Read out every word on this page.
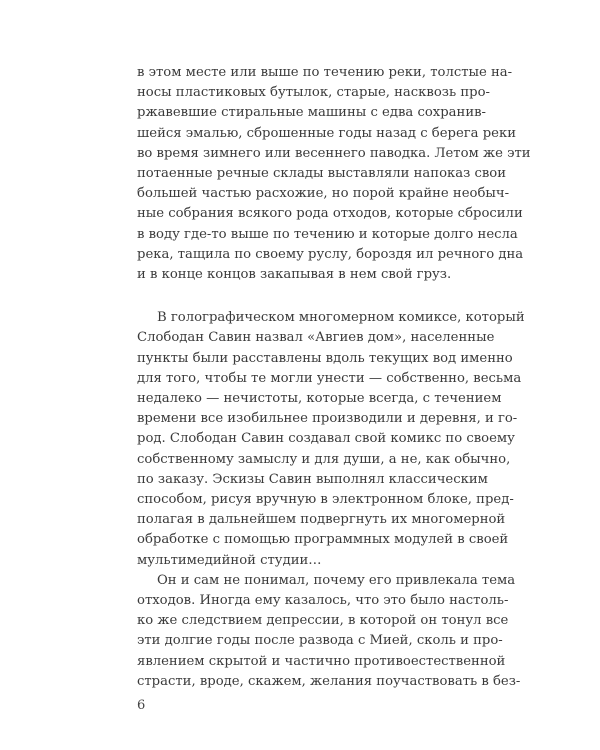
в этом месте или выше по течению реки, толстые на-
носы пластиковых бутылок, старые, насквозь про-
ржавевшие стиральные машины с едва сохранив-
шейся эмалью, сброшенные годы назад с берега реки
во время зимнего или весеннего паводка. Летом же эти
потаенные речные склады выставляли напоказ свои
большей частью расхожие, но порой крайне необыч-
ные собрания всякого рода отходов, которые сбросили
в воду где-то выше по течению и которые долго несла
река, тащила по своему руслу, бороздя ил речного дна
и в конце концов закапывая в нем свой груз.
В голографическом многомерном комиксе, который
Слободан Савин назвал «Авгиев дом», населенные
пункты были расставлены вдоль текущих вод именно
для того, чтобы те могли унести — собственно, весьма
недалеко — нечистоты, которые всегда, с течением
времени все изобильнее производили и деревня, и го-
род. Слободан Савин создавал свой комикс по своему
собственному замыслу и для души, а не, как обычно,
по заказу. Эскизы Савин выполнял классическим
способом, рисуя вручную в электронном блоке, пред-
полагая в дальнейшем подвергнуть их многомерной
обработке с помощью программных модулей в своей
мультимедийной студии…
Он и сам не понимал, почему его привлекала тема
отходов. Иногда ему казалось, что это было настоль-
ко же следствием депрессии, в которой он тонул все
эти долгие годы после развода с Мией, сколь и про-
явлением скрытой и частично противоестественной
страсти, вроде, скажем, желания поучаствовать в без-
6
